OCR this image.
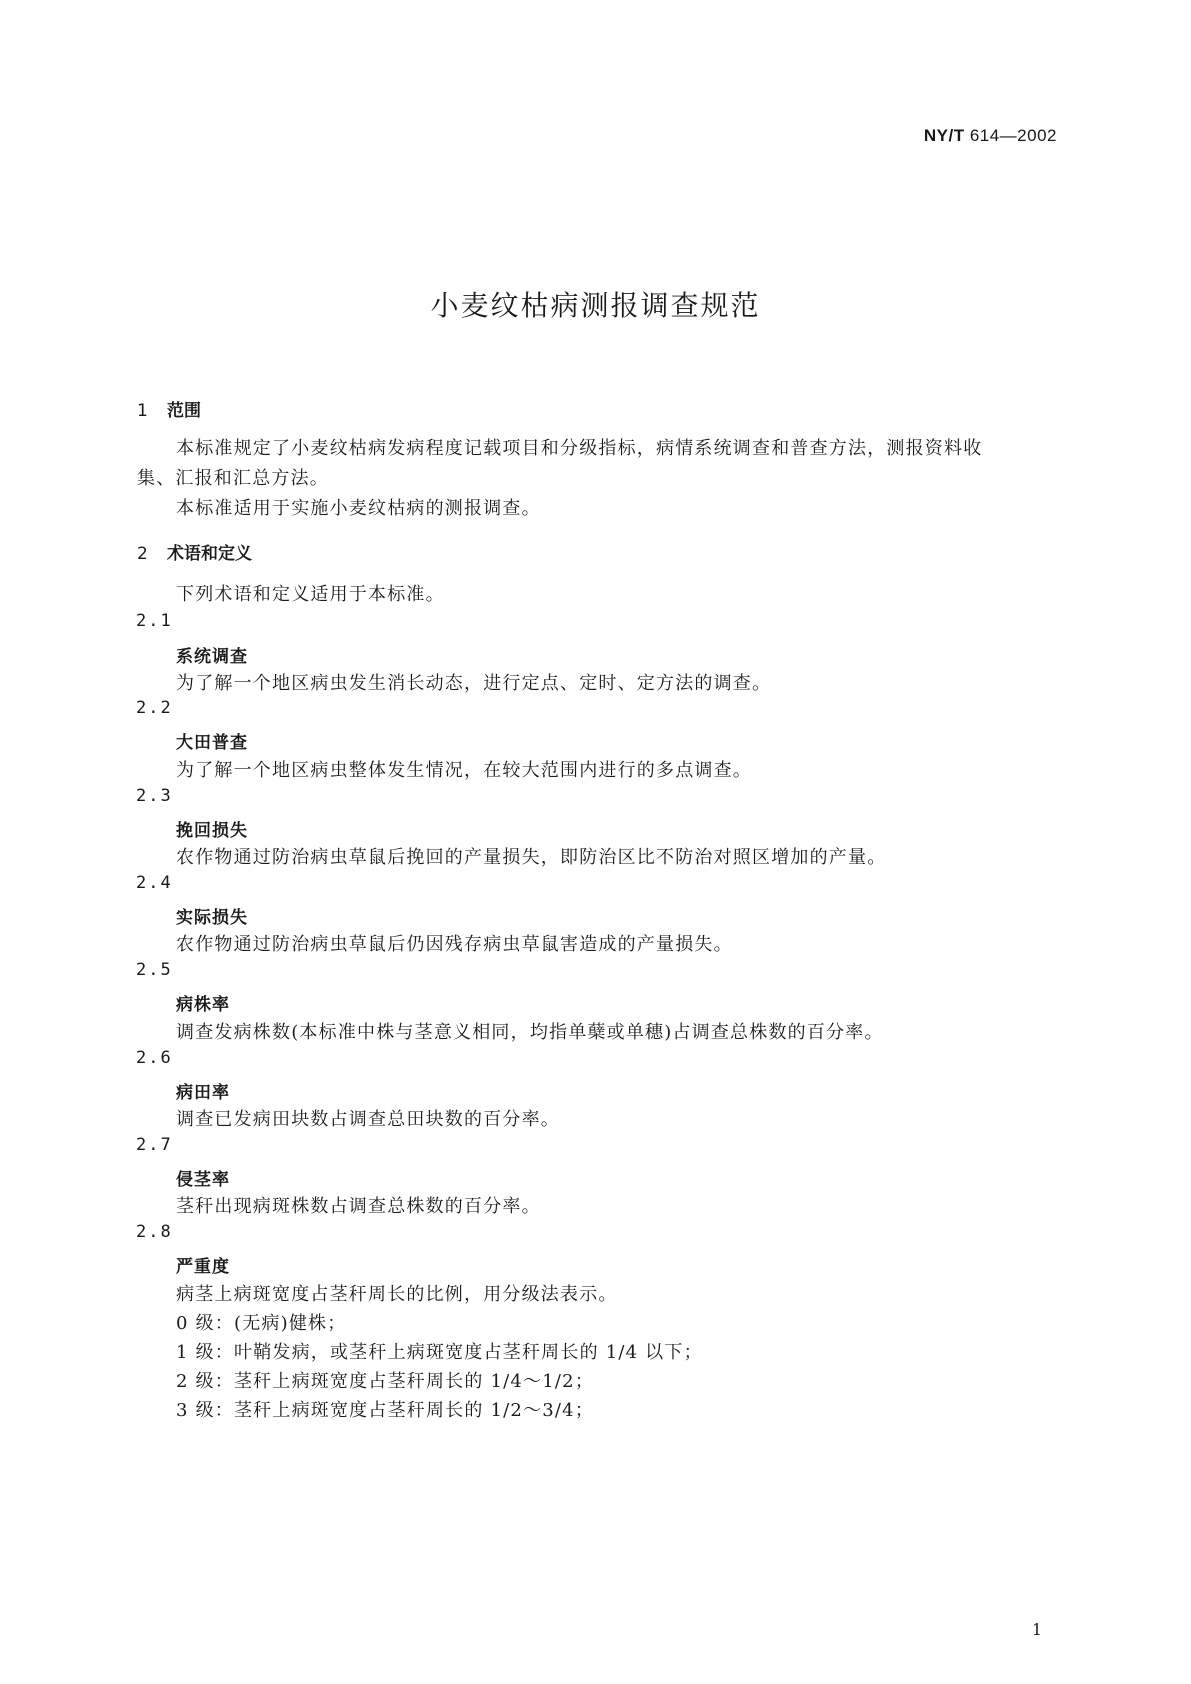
NY/T 614—2002
小麦纹枯病测报调查规范
1 范围
本标准规定了小麦纹枯病发病程度记载项目和分级指标，病情系统调查和普查方法，测报资料收
集、汇报和汇总方法。
本标准适用于实施小麦纹枯病的测报调查。
2 术语和定义
下列术语和定义适用于本标准。
2.1
系统调查
为了解一个地区病虫发生消长动态，进行定点、定时、定方法的调查。
2.2
大田普查
为了解一个地区病虫整体发生情况，在较大范围内进行的多点调查。
2.3
挽回损失
农作物通过防治病虫草鼠后挽回的产量损失，即防治区比不防治对照区增加的产量。
2.4
实际损失
农作物通过防治病虫草鼠后仍因残存病虫草鼠害造成的产量损失。
2.5
病株率
调查发病株数(本标准中株与茎意义相同，均指单蘖或单穗)占调查总株数的百分率。
2.6
病田率
调查已发病田块数占调查总田块数的百分率。
2.7
侵茎率
茎秆出现病斑株数占调查总株数的百分率。
2.8
严重度
病茎上病斑宽度占茎秆周长的比例，用分级法表示。
0 级：(无病)健株；
1 级：叶鞘发病，或茎秆上病斑宽度占茎秆周长的 1/4 以下；
2 级：茎秆上病斑宽度占茎秆周长的 1/4～1/2；
3 级：茎秆上病斑宽度占茎秆周长的 1/2～3/4；
1
